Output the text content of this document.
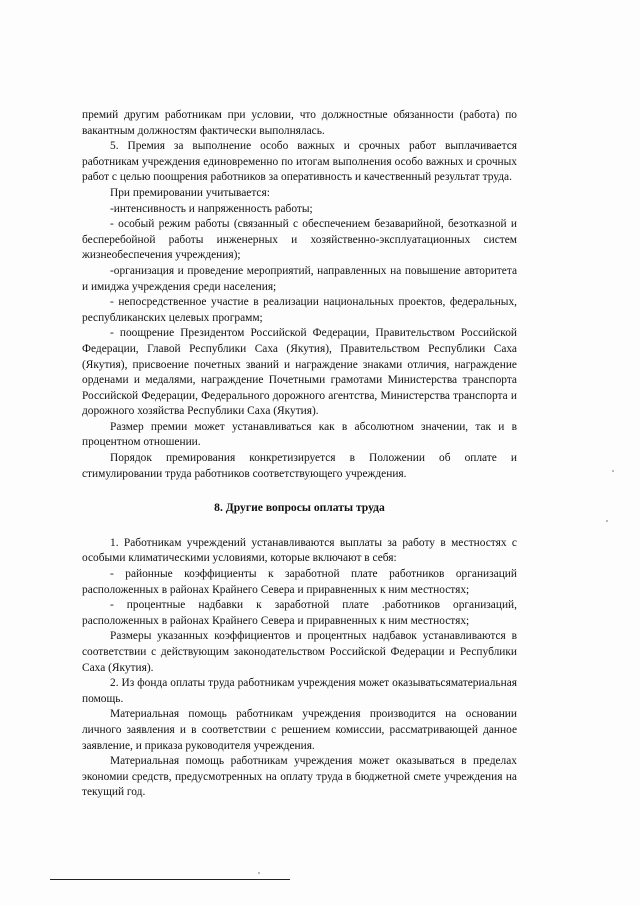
премий другим работникам при условии, что должностные обязанности (работа) по вакантным должностям фактически выполнялась.

5. Премия за выполнение особо важных и срочных работ выплачивается работникам учреждения единовременно по итогам выполнения особо важных и срочных работ с целью поощрения работников за оперативность и качественный результат труда.

При премировании учитывается:

-интенсивность и напряженность работы;

- особый режим работы (связанный с обеспечением безаварийной, безотказной и бесперебойной работы инженерных и хозяйственно-эксплуатационных систем жизнеобеспечения учреждения);

-организация и проведение мероприятий, направленных на повышение авторитета и имиджа учреждения среди населения;

- непосредственное участие в реализации национальных проектов, федеральных, республиканских целевых программ;

- поощрение Президентом Российской Федерации, Правительством Российской Федерации, Главой Республики Саха (Якутия), Правительством Республики Саха (Якутия), присвоение почетных званий и награждение знаками отличия, награждение орденами и медалями, награждение Почетными грамотами Министерства транспорта Российской Федерации, Федерального дорожного агентства, Министерства транспорта и дорожного хозяйства Республики Саха (Якутия).

Размер премии может устанавливаться как в абсолютном значении, так и в процентном отношении.

Порядок премирования конкретизируется в Положении об оплате и стимулировании труда работников соответствующего учреждения.

8. Другие вопросы оплаты труда

1. Работникам учреждений устанавливаются выплаты за работу в местностях с особыми климатическими условиями, которые включают в себя:

- районные коэффициенты к заработной плате работников организаций расположенных в районах Крайнего Севера и приравненных к ним местностях;

- процентные надбавки к заработной плате .работников организаций, расположенных в районах Крайнего Севера и приравненных к ним местностях;

Размеры указанных коэффициентов и процентных надбавок устанавливаются в соответствии с действующим законодательством Российской Федерации и Республики Саха (Якутия).

2. Из фонда оплаты труда работникам учреждения может оказыватьсяматериальная помощь.

Материальная помощь работникам учреждения производится на основании личного заявления и в соответствии с решением комиссии, рассматривающей данное заявление, и приказа руководителя учреждения.

Материальная помощь работникам учреждения может оказываться в пределах экономии средств, предусмотренных на оплату труда в бюджетной смете учреждения на текущий год.
